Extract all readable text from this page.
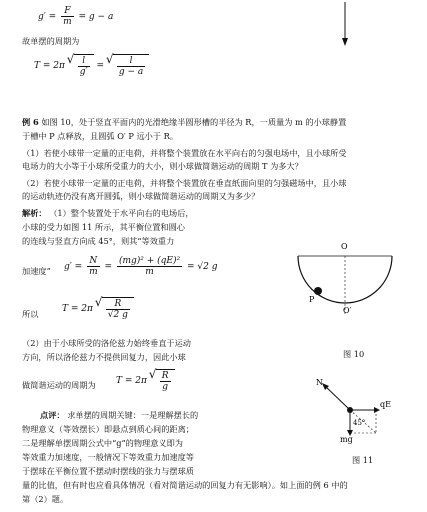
$g' = \frac{F}{m} = g - a$
故单摆的周期为
T = 2π √ $\frac{l}{g'}$ = √ $\frac{l}{g - a}$
例 6 如图 10，处于竖直平面内的光滑绝缘半圆形槽的半径为 R，一质量为 m 的小球静置
于槽中 P 点释放，且圆弧 O′ P 远小于 R。
（1）若使小球带一定量的正电荷，并将整个装置放在水平向右的匀强电场中，且小球所受
电场力的大小等于小球所受重力的大小，则小球做简谐运动的周期 T 为多大？
（2）若使小球带一定量的正电荷，并将整个装置放在垂直纸面向里的匀强磁场中，且小球
的运动轨迹仍没有离开圆弧，则小球做简谐运动的周期又为多少？
解析： （1）整个装置处于水平向右的电场后，
小球的受力如图 11 所示，其平衡位置和圆心
的连线与竖直方向成 45°，则其“等效重力
加速度” $g' = \frac{N}{m} = \frac{\text{(mg)² + (qE)²}}{m} = √2$ g
所以	T = 2π √ $\frac{R}{√2 g}$
（2）由于小球所受的洛伦兹力始终垂直于运动
方向，所以洛伦兹力不提供回复力，因此小球
做简谐运动的周期为 T = 2π √ $\frac{R}{g}$
点评： 求单摆的周期关键：一是理解摆长的
物理意义（等效摆长）即悬点到质心间的距离；
二是理解单摆周期公式中“g”的物理意义即为
等效重力加速度，一般情况下等效重力加速度等
于摆球在平衡位置不摆动时摆线的张力与摆球质
量的比值，但有时也应看具体情况（看对简谐运动的回复力有无影响）。如上面的例 6 中的
第（2）题。
O
P
O′
图 10
N
qE
mg
45°
图 11
